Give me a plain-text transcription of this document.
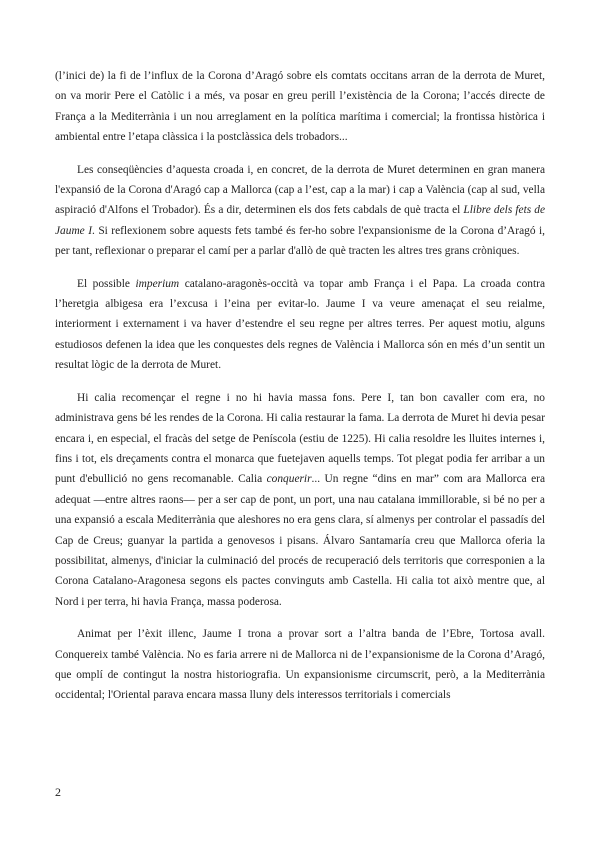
(l’inici de) la fi de l’influx de la Corona d’Aragó sobre els comtats occitans arran de la derrota de Muret, on va morir Pere el Catòlic i a més, va posar en greu perill l’existència de la Corona; l’accés directe de França a la Mediterrània i un nou arreglament en la política marítima i comercial; la frontissa històrica i ambiental entre l’etapa clàssica i la postclàssica dels trobadors...

Les conseqüències d’aquesta croada i, en concret, de la derrota de Muret determinen en gran manera l'expansió de la Corona d'Aragó cap a Mallorca (cap a l’est, cap a la mar) i cap a València (cap al sud, vella aspiració d'Alfons el Trobador). És a dir, determinen els dos fets cabdals de què tracta el Llibre dels fets de Jaume I. Si reflexionem sobre aquests fets també és fer-ho sobre l'expansionisme de la Corona d’Aragó i, per tant, reflexionar o preparar el camí per a parlar d'allò de què tracten les altres tres grans cròniques.

El possible imperium catalano-aragonès-occità va topar amb França i el Papa. La croada contra l’heretgia albigesa era l’excusa i l’eina per evitar-lo. Jaume I va veure amenaçat el seu reialme, interiorment i externament i va haver d’estendre el seu regne per altres terres. Per aquest motiu, alguns estudiosos defenen la idea que les conquestes dels regnes de València i Mallorca són en més d’un sentit un resultat lògic de la derrota de Muret.

Hi calia recomençar el regne i no hi havia massa fons. Pere I, tan bon cavaller com era, no administrava gens bé les rendes de la Corona. Hi calia restaurar la fama. La derrota de Muret hi devia pesar encara i, en especial, el fracàs del setge de Peníscola (estiu de 1225). Hi calia resoldre les lluites internes i, fins i tot, els dreçaments contra el monarca que fuetejaven aquells temps. Tot plegat podia fer arribar a un punt d'ebullició no gens recomanable. Calia conquerir... Un regne “dins en mar” com ara Mallorca era adequat —entre altres raons— per a ser cap de pont, un port, una nau catalana immillorable, si bé no per a una expansió a escala Mediterrània que aleshores no era gens clara, sí almenys per controlar el passadís del Cap de Creus; guanyar la partida a genovesos i pisans. Álvaro Santamaría creu que Mallorca oferia la possibilitat, almenys, d'iniciar la culminació del procés de recuperació dels territoris que corresponien a la Corona Catalano-Aragonesa segons els pactes convinguts amb Castella. Hi calia tot això mentre que, al Nord i per terra, hi havia França, massa poderosa.

Animat per l’èxit illenc, Jaume I trona a provar sort a l’altra banda de l’Ebre, Tortosa avall. Conquereix també València. No es faria arrere ni de Mallorca ni de l’expansionisme de la Corona d’Aragó, que omplí de contingut la nostra historiografia. Un expansionisme circumscrit, però, a la Mediterrània occidental; l'Oriental parava encara massa lluny dels interessos territorials i comercials

2
